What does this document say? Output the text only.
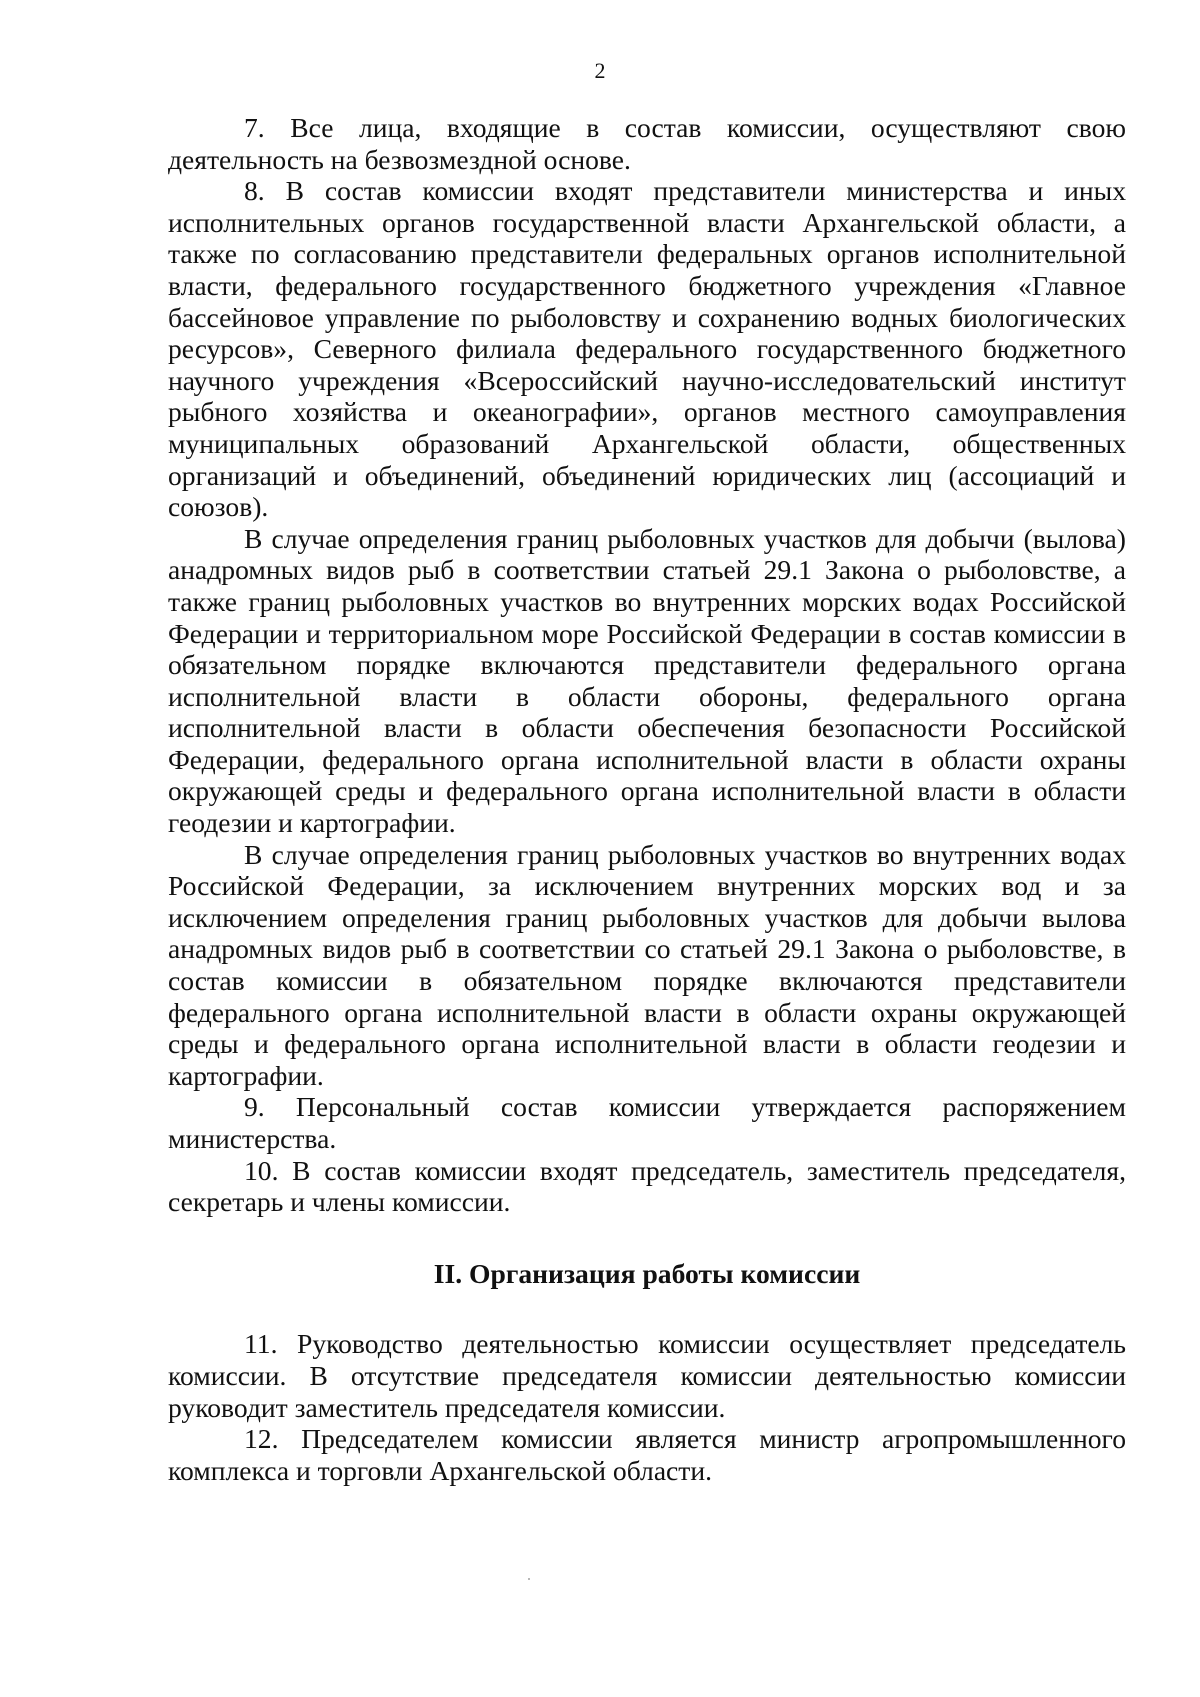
2

7. Все лица, входящие в состав комиссии, осуществляют свою деятельность на безвозмездной основе.

8. В состав комиссии входят представители министерства и иных исполнительных органов государственной власти Архангельской области, а также по согласованию представители федеральных органов исполнительной власти, федерального государственного бюджетного учреждения «Главное бассейновое управление по рыболовству и сохранению водных биологических ресурсов», Северного филиала федерального государственного бюджетного научного учреждения «Всероссийский научно-исследовательский институт рыбного хозяйства и океанографии», органов местного самоуправления муниципальных образований Архангельской области, общественных организаций и объединений, объединений юридических лиц (ассоциаций и союзов).

В случае определения границ рыболовных участков для добычи (вылова) анадромных видов рыб в соответствии статьей 29.1 Закона о рыболовстве, а также границ рыболовных участков во внутренних морских водах Российской Федерации и территориальном море Российской Федерации в состав комиссии в обязательном порядке включаются представители федерального органа исполнительной власти в области обороны, федерального органа исполнительной власти в области обеспечения безопасности Российской Федерации, федерального органа исполнительной власти в области охраны окружающей среды и федерального органа исполнительной власти в области геодезии и картографии.

В случае определения границ рыболовных участков во внутренних водах Российской Федерации, за исключением внутренних морских вод и за исключением определения границ рыболовных участков для добычи вылова анадромных видов рыб в соответствии со статьей 29.1 Закона о рыболовстве, в состав комиссии в обязательном порядке включаются представители федерального органа исполнительной власти в области охраны окружающей среды и федерального органа исполнительной власти в области геодезии и картографии.

9. Персональный состав комиссии утверждается распоряжением министерства.

10. В состав комиссии входят председатель, заместитель председателя, секретарь и члены комиссии.

II. Организация работы комиссии

11. Руководство деятельностью комиссии осуществляет председатель комиссии. В отсутствие председателя комиссии деятельностью комиссии руководит заместитель председателя комиссии.

12. Председателем комиссии является министр агропромышленного комплекса и торговли Архангельской области.
